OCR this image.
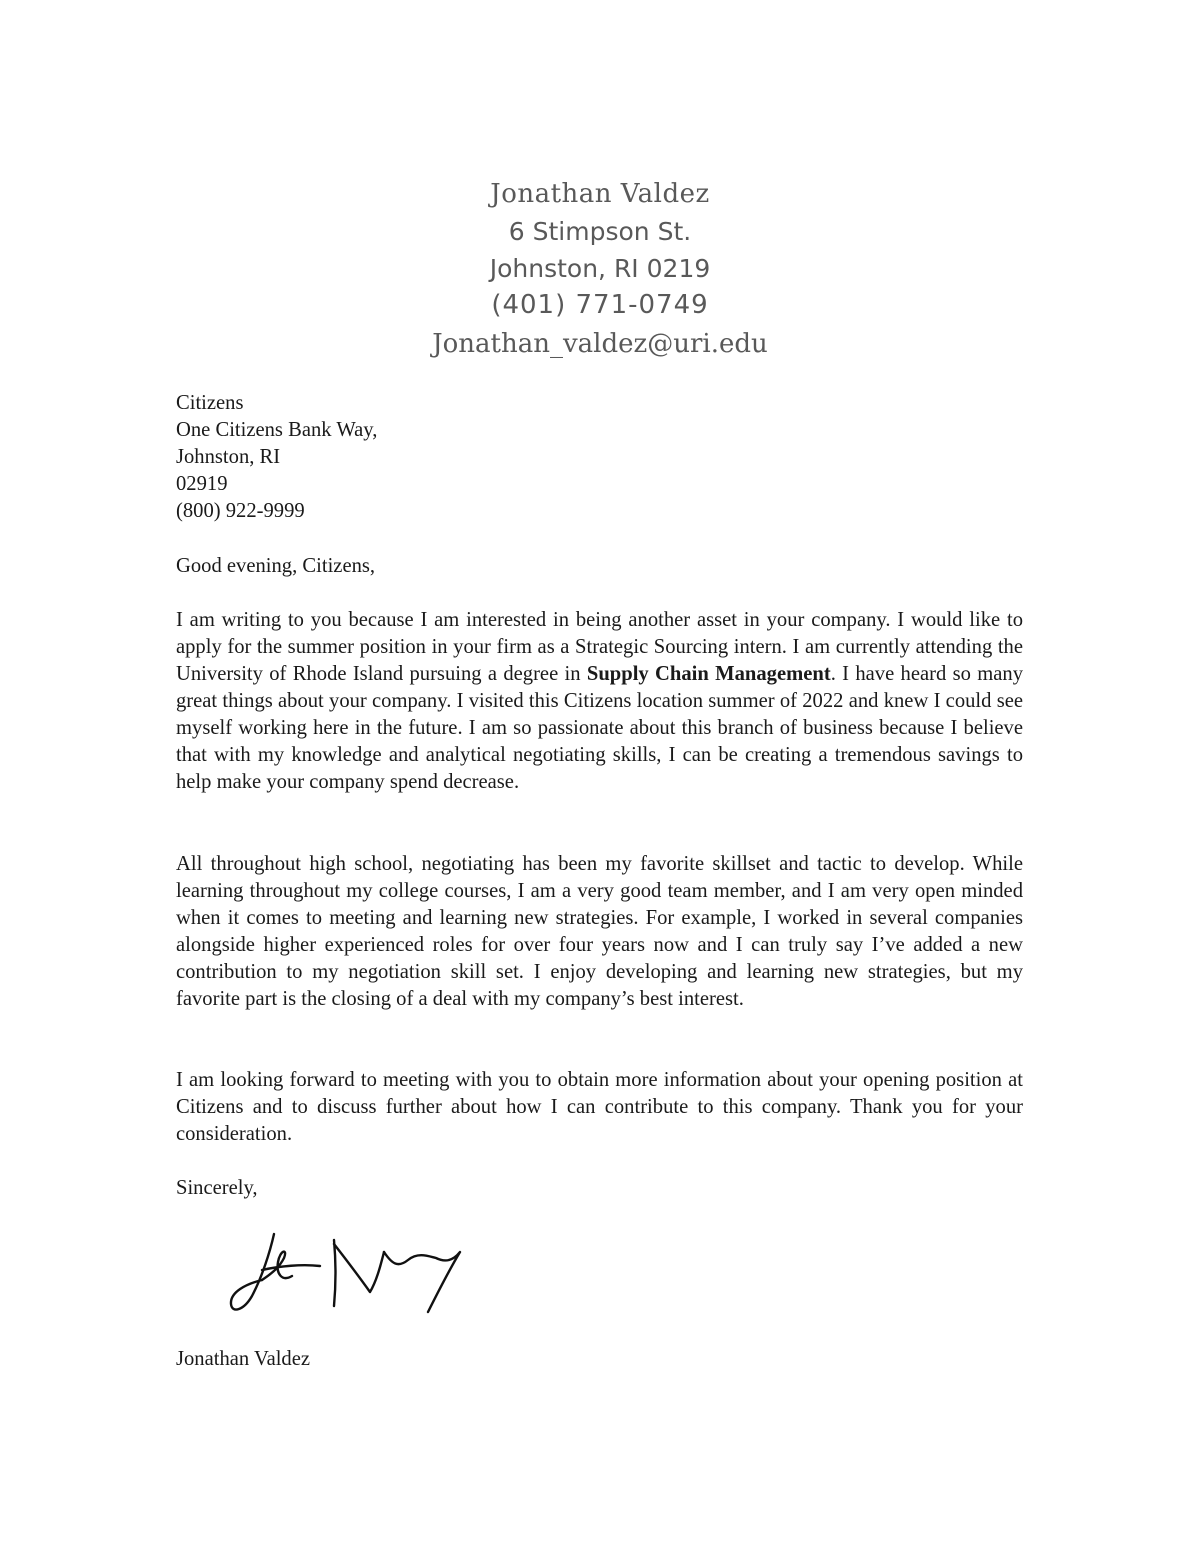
Jonathan Valdez
6 Stimpson St.
Johnston, RI 0219
(401) 771-0749
Jonathan_valdez@uri.edu
Citizens
One Citizens Bank Way,
Johnston, RI
02919
(800) 922-9999
Good evening, Citizens,
I am writing to you because I am interested in being another asset in your company. I would like to apply for the summer position in your firm as a Strategic Sourcing intern. I am currently attending the University of Rhode Island pursuing a degree in Supply Chain Management. I have heard so many great things about your company. I visited this Citizens location summer of 2022 and knew I could see myself working here in the future. I am so passionate about this branch of business because I believe that with my knowledge and analytical negotiating skills, I can be creating a tremendous savings to help make your company spend decrease.
All throughout high school, negotiating has been my favorite skillset and tactic to develop. While learning throughout my college courses, I am a very good team member, and I am very open minded when it comes to meeting and learning new strategies. For example, I worked in several companies alongside higher experienced roles for over four years now and I can truly say I’ve added a new contribution to my negotiation skill set. I enjoy developing and learning new strategies, but my favorite part is the closing of a deal with my company’s best interest.
I am looking forward to meeting with you to obtain more information about your opening position at Citizens and to discuss further about how I can contribute to this company. Thank you for your consideration.
Sincerely,
Jonathan Valdez
